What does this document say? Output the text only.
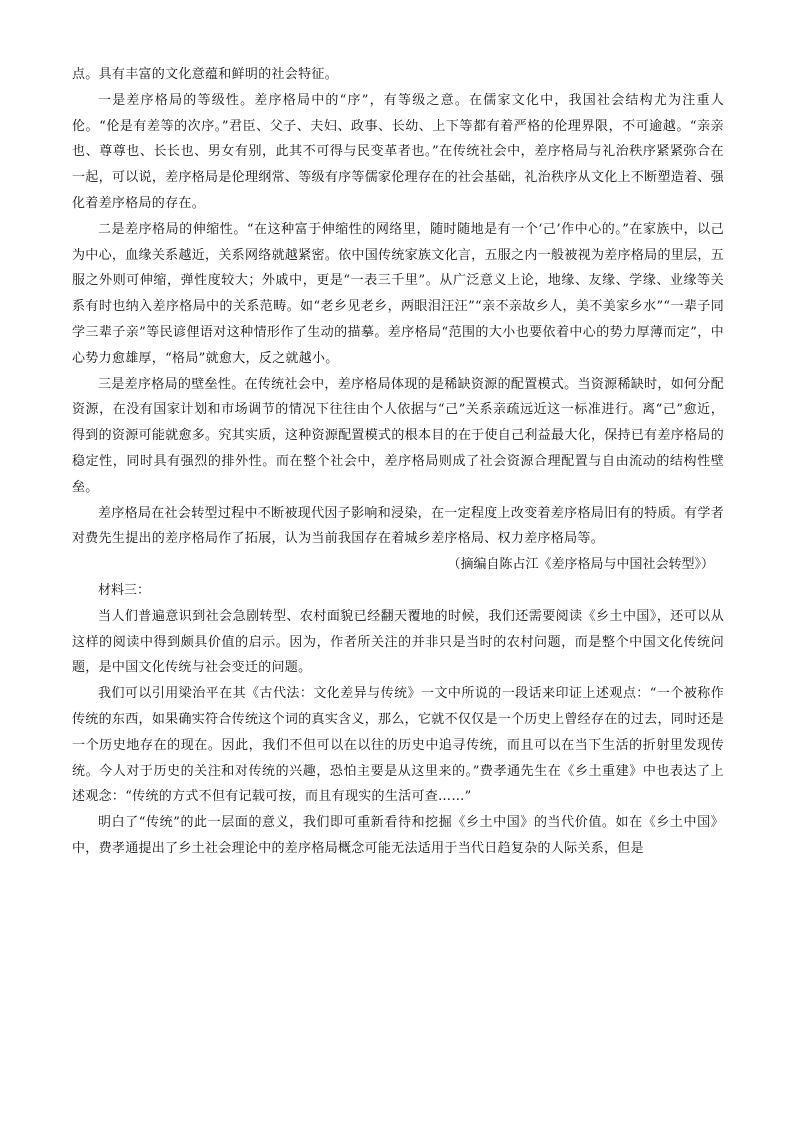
点。具有丰富的文化意蕴和鲜明的社会特征。

一是差序格局的等级性。差序格局中的“序”，有等级之意。在儒家文化中，我国社会结构尤为注重人伦。“伦是有差等的次序。”君臣、父子、夫妇、政事、长幼、上下等都有着严格的伦理界限，不可逾越。“亲亲也、尊尊也、长长也、男女有别，此其不可得与民变革者也。”在传统社会中，差序格局与礼治秩序紧紧弥合在一起，可以说，差序格局是伦理纲常、等级有序等儒家伦理存在的社会基础，礼治秩序从文化上不断塑造着、强化着差序格局的存在。

二是差序格局的伸缩性。“在这种富于伸缩性的网络里，随时随地是有一个‘己’作中心的。”在家族中，以己为中心，血缘关系越近，关系网络就越紧密。依中国传统家族文化言，五服之内一般被视为差序格局的里层，五服之外则可伸缩，弹性度较大；外戚中，更是“一表三千里”。从广泛意义上论，地缘、友缘、学缘、业缘等关系有时也纳入差序格局中的关系范畴。如“老乡见老乡，两眼泪汪汪”“亲不亲故乡人，美不美家乡水”“一辈子同学三辈子亲”等民谚俚语对这种情形作了生动的描摹。差序格局“范围的大小也要依着中心的势力厚薄而定”，中心势力愈雄厚，“格局”就愈大，反之就越小。

三是差序格局的壁垒性。在传统社会中，差序格局体现的是稀缺资源的配置模式。当资源稀缺时，如何分配资源，在没有国家计划和市场调节的情况下往往由个人依据与“己”关系亲疏远近这一标准进行。离“己”愈近，得到的资源可能就愈多。究其实质，这种资源配置模式的根本目的在于使自己利益最大化，保持已有差序格局的稳定性，同时具有强烈的排外性。而在整个社会中，差序格局则成了社会资源合理配置与自由流动的结构性壁垒。

差序格局在社会转型过程中不断被现代因子影响和浸染，在一定程度上改变着差序格局旧有的特质。有学者对费先生提出的差序格局作了拓展，认为当前我国存在着城乡差序格局、权力差序格局等。

（摘编自陈占江《差序格局与中国社会转型》）

材料三：

当人们普遍意识到社会急剧转型、农村面貌已经翻天覆地的时候，我们还需要阅读《乡土中国》，还可以从这样的阅读中得到颇具价值的启示。因为，作者所关注的并非只是当时的农村问题，而是整个中国文化传统问题，是中国文化传统与社会变迁的问题。

我们可以引用梁治平在其《古代法：文化差异与传统》一文中所说的一段话来印证上述观点：“一个被称作传统的东西，如果确实符合传统这个词的真实含义，那么，它就不仅仅是一个历史上曾经存在的过去，同时还是一个历史地存在的现在。因此，我们不但可以在以往的历史中追寻传统，而且可以在当下生活的折射里发现传统。今人对于历史的关注和对传统的兴趣，恐怕主要是从这里来的。”费孝通先生在《乡土重建》中也表达了上述观念：“传统的方式不但有记载可按，而且有现实的生活可查……”

明白了“传统”的此一层面的意义，我们即可重新看待和挖掘《乡土中国》的当代价值。如在《乡土中国》中，费孝通提出了乡土社会理论中的差序格局概念可能无法适用于当代日趋复杂的人际关系，但是
